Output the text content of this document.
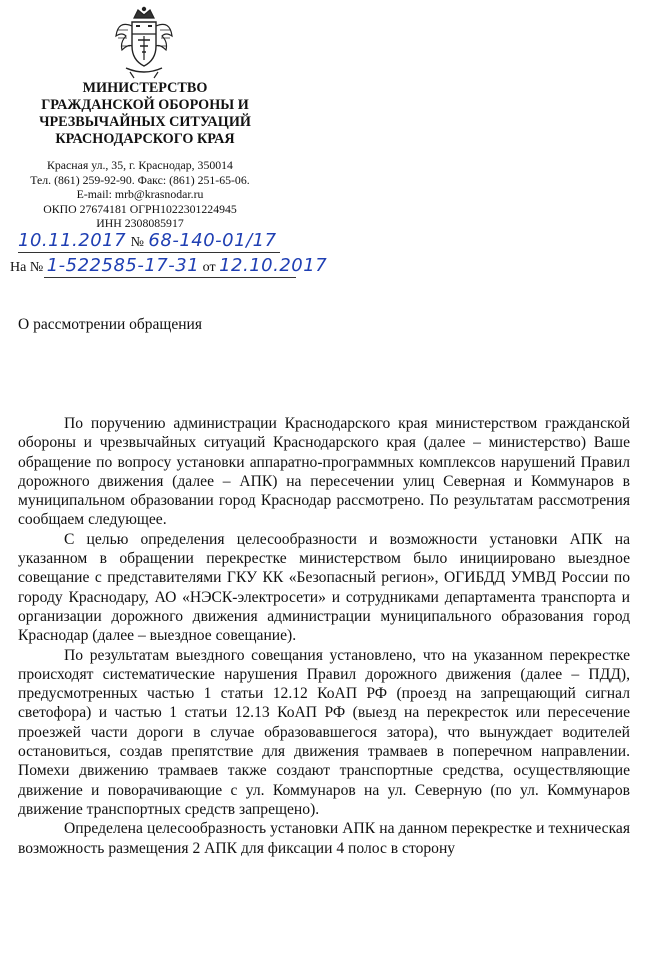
МИНИСТЕРСТВО
ГРАЖДАНСКОЙ ОБОРОНЫ И
ЧРЕЗВЫЧАЙНЫХ СИТУАЦИЙ
КРАСНОДАРСКОГО КРАЯ
Красная ул., 35, г. Краснодар, 350014
Тел. (861) 259-92-90. Факс: (861) 251-65-06.
E-mail: mrb@krasnodar.ru
ОКПО 27674181 ОГРН1022301224945
ИНН 2308085917
10.11.2017 № 68-140-01/17
На № 1-522585-17-31 от 12.10.2017
О рассмотрении обращения

По поручению администрации Краснодарского края министерством гражданской обороны и чрезвычайных ситуаций Краснодарского края (далее – министерство) Ваше обращение по вопросу установки аппаратно-программных комплексов нарушений Правил дорожного движения (далее – АПК) на пересечении улиц Северная и Коммунаров в муниципальном образовании город Краснодар рассмотрено. По результатам рассмотрения сообщаем следующее.

С целью определения целесообразности и возможности установки АПК на указанном в обращении перекрестке министерством было инициировано выездное совещание с представителями ГКУ КК «Безопасный регион», ОГИБДД УМВД России по городу Краснодару, АО «НЭСК-электросети» и сотрудниками департамента транспорта и организации дорожного движения администрации муниципального образования город Краснодар (далее – выездное совещание).

По результатам выездного совещания установлено, что на указанном перекрестке происходят систематические нарушения Правил дорожного движения (далее – ПДД), предусмотренных частью 1 статьи 12.12 КоАП РФ (проезд на запрещающий сигнал светофора) и частью 1 статьи 12.13 КоАП РФ (выезд на перекресток или пересечение проезжей части дороги в случае образовавшегося затора), что вынуждает водителей остановиться, создав препятствие для движения трамваев в поперечном направлении. Помехи движению трамваев также создают транспортные средства, осуществляющие движение и поворачивающие с ул. Коммунаров на ул. Северную (по ул. Коммунаров движение транспортных средств запрещено).

Определена целесообразность установки АПК на данном перекрестке и техническая возможность размещения 2 АПК для фиксации 4 полос в сторону
